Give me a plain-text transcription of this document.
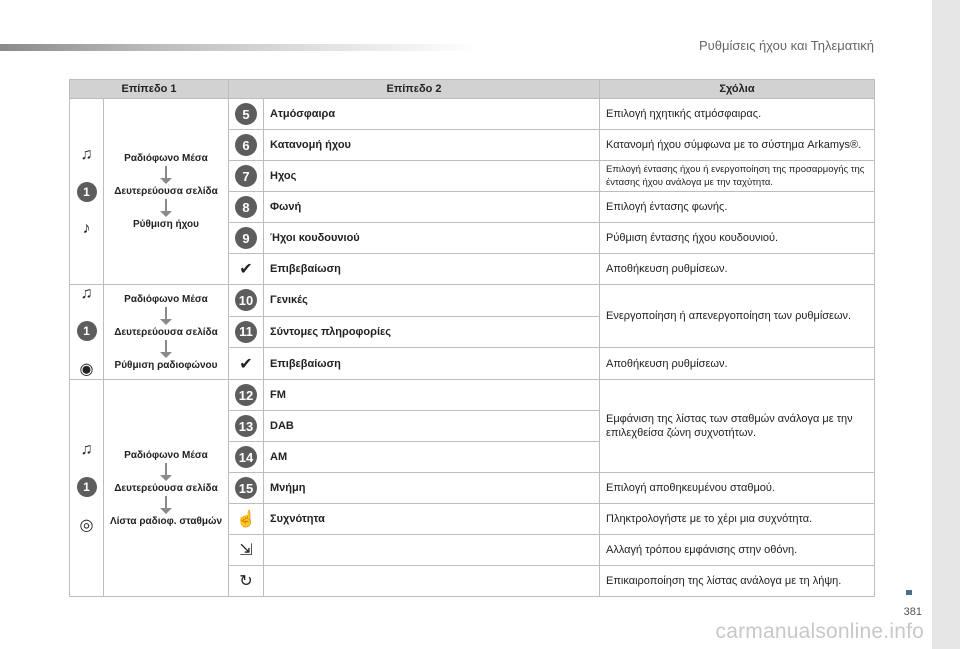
Ρυθμίσεις ήχου και Τηλεματική
Επίπεδο 1		Επίπεδο 2		Σχόλια

♫
1
♪	Ραδιόφωνο Μέσα
Δευτερεύουσα σελίδα
Ρύθμιση ήχου	5	Ατμόσφαιρα	Επιλογή ηχητικής ατμόσφαιρας.
		6	Κατανομή ήχου	Κατανομή ήχου σύμφωνα με το σύστημα Arkamys®.
		7	Ηχος	Επιλογή έντασης ήχου ή ενεργοποίηση της προσαρμογής της έντασης ήχου ανάλογα με την ταχύτητα.
		8	Φωνή	Επιλογή έντασης φωνής.
		9	Ήχοι κουδουνιού	Ρύθμιση έντασης ήχου κουδουνιού.
		✔	Επιβεβαίωση	Αποθήκευση ρυθμίσεων.

♫
1
◉	Ραδιόφωνο Μέσα
Δευτερεύουσα σελίδα
Ρύθμιση ραδιοφώνου	10	Γενικές	Ενεργοποίηση ή απενεργοποίηση των ρυθμίσεων.
		11	Σύντομες πληροφορίες	
		✔	Επιβεβαίωση	Αποθήκευση ρυθμίσεων.

♫
1
◎	Ραδιόφωνο Μέσα
Δευτερεύουσα σελίδα
Λίστα ραδιοφ. σταθμών	12	FM	Εμφάνιση της λίστας των σταθμών ανάλογα με την επιλεχθείσα ζώνη συχνοτήτων.
		13	DAB	
		14	AM	
		15	Μνήμη	Επιλογή αποθηκευμένου σταθμού.
		☝	Συχνότητα	Πληκτρολογήστε με το χέρι μια συχνότητα.
		⇲		Αλλαγή τρόπου εμφάνισης στην οθόνη.
		↻		Επικαιροποίηση της λίστας ανάλογα με τη λήψη.
381
carmanualsonline.info
